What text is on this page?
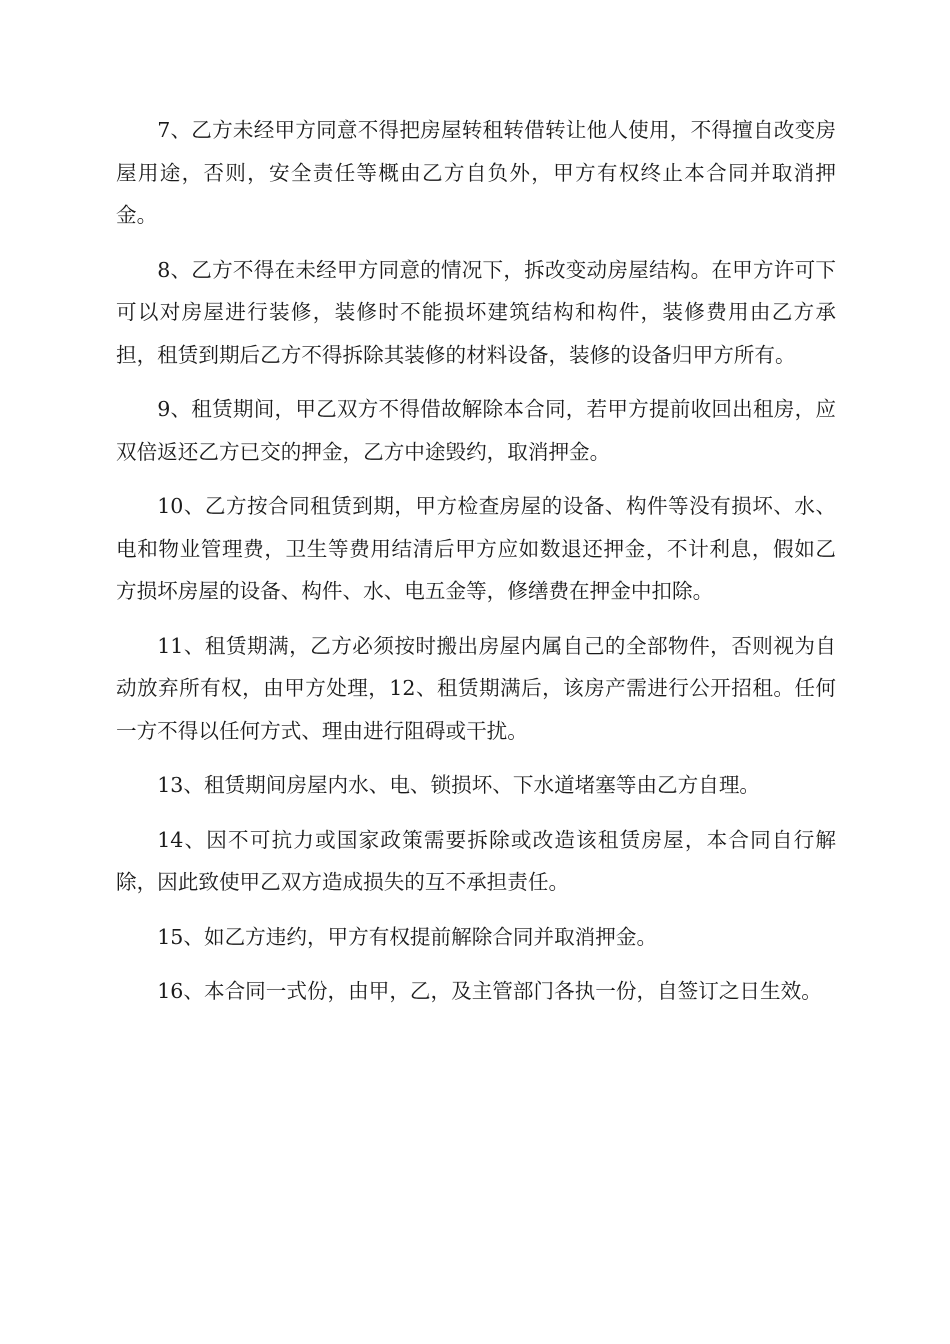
7、乙方未经甲方同意不得把房屋转租转借转让他人使用，不得擅自改变房屋用途，否则，安全责任等概由乙方自负外，甲方有权终止本合同并取消押金。

8、乙方不得在未经甲方同意的情况下，拆改变动房屋结构。在甲方许可下可以对房屋进行装修，装修时不能损坏建筑结构和构件，装修费用由乙方承担，租赁到期后乙方不得拆除其装修的材料设备，装修的设备归甲方所有。

9、租赁期间，甲乙双方不得借故解除本合同，若甲方提前收回出租房，应双倍返还乙方已交的押金，乙方中途毁约，取消押金。

10、乙方按合同租赁到期，甲方检查房屋的设备、构件等没有损坏、水、电和物业管理费，卫生等费用结清后甲方应如数退还押金，不计利息，假如乙方损坏房屋的设备、构件、水、电五金等，修缮费在押金中扣除。

11、租赁期满，乙方必须按时搬出房屋内属自己的全部物件，否则视为自动放弃所有权，由甲方处理，12、租赁期满后，该房产需进行公开招租。任何一方不得以任何方式、理由进行阻碍或干扰。

13、租赁期间房屋内水、电、锁损坏、下水道堵塞等由乙方自理。

14、因不可抗力或国家政策需要拆除或改造该租赁房屋，本合同自行解除，因此致使甲乙双方造成损失的互不承担责任。

15、如乙方违约，甲方有权提前解除合同并取消押金。

16、本合同一式份，由甲，乙，及主管部门各执一份，自签订之日生效。
